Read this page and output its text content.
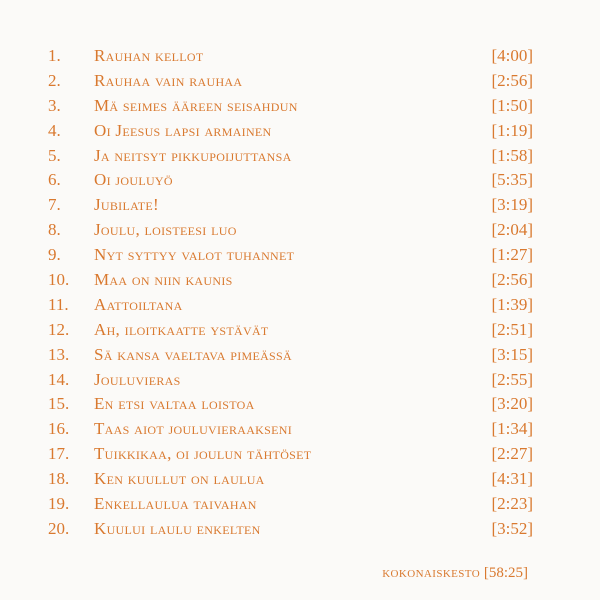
1. Rauhan kellot	[4:00]
2. Rauhaa vain rauhaa	[2:56]
3. Mä seimes ääreen seisahdun	[1:50]
4. Oi Jeesus lapsi armainen	[1:19]
5. Ja neitsyt pikkupoijuttansa	[1:58]
6. Oi jouluyö	[5:35]
7. Jubilate!	[3:19]
8. Joulu, loisteesi luo	[2:04]
9. Nyt syttyy valot tuhannet	[1:27]
10. Maa on niin kaunis	[2:56]
11. Aattoiltana	[1:39]
12. Ah, iloitkaatte ystävät	[2:51]
13. Sä kansa vaeltava pimeässä	[3:15]
14. Jouluvieras	[2:55]
15. En etsi valtaa loistoa	[3:20]
16. Taas aiot jouluvieraakseni	[1:34]
17. Tuikkikaa, oi joulun tähtöset	[2:27]
18. Ken kuullut on laulua	[4:31]
19. Enkellaulua taivahan	[2:23]
20. Kuului laulu enkelten	[3:52]
kokonaiskesto [58:25]
